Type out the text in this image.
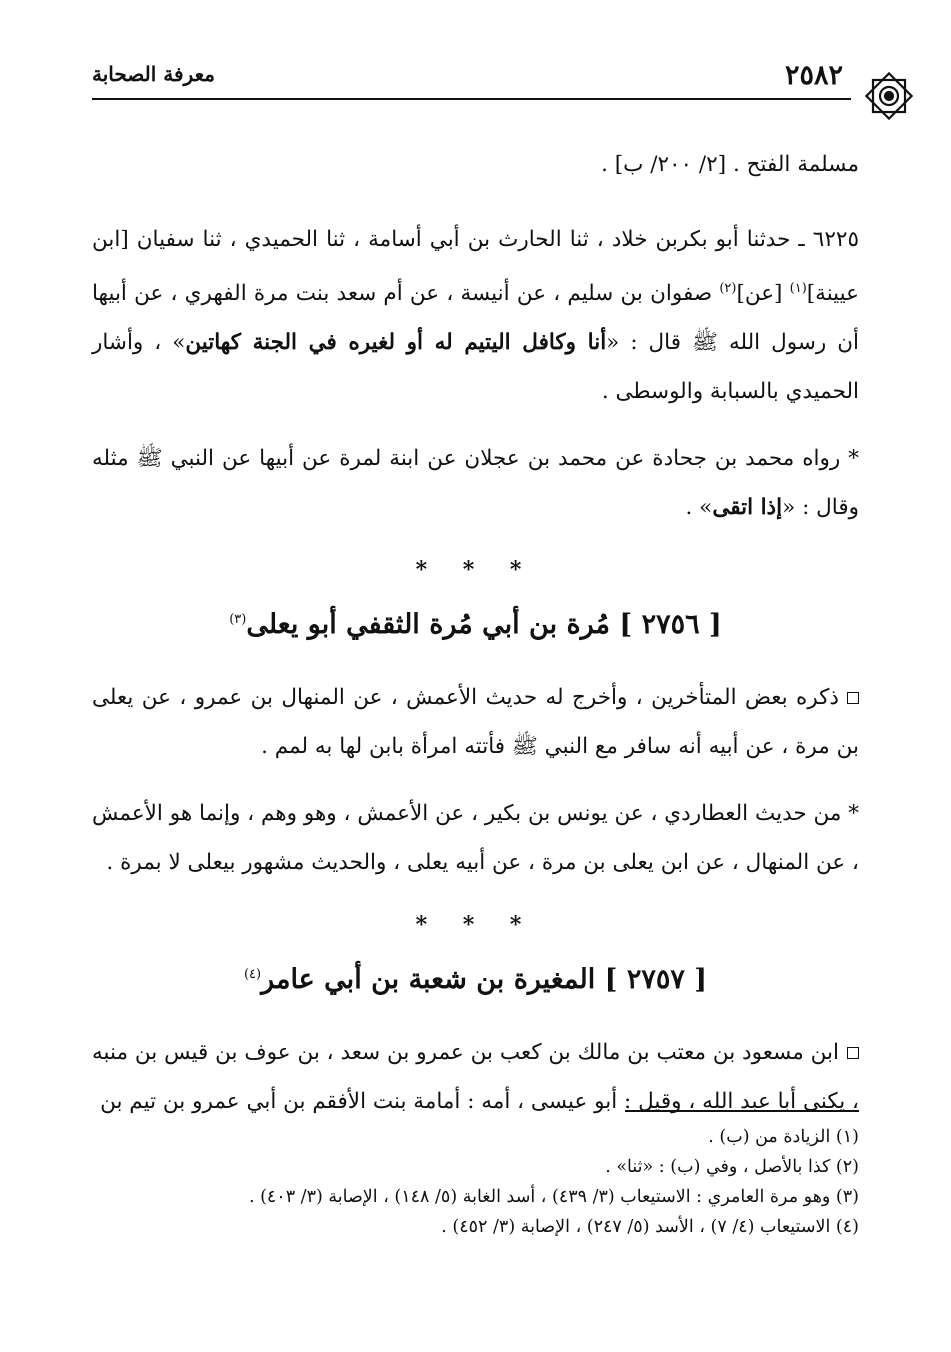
٢٥٨٢
معرفة الصحابة

مسلمة الفتح . [٢/ ٢٠٠/ ب] .

٦٢٢٥ ـ حدثنا أبو بكربن خلاد ، ثنا الحارث بن أبي أسامة ، ثنا الحميدي ، ثنا سفيان [ابن عيينة]$^{(١)}$ [عن]$^{(٢)}$ صفوان بن سليم ، عن أنيسة ، عن أم سعد بنت مرة الفهري ، عن أبيها أن رسول الله ﷺ قال : «أنا وكافل اليتيم له أو لغيره في الجنة كهاتين» ، وأشار الحميدي بالسبابة والوسطى .

* رواه محمد بن جحادة عن محمد بن عجلان عن ابنة لمرة عن أبيها عن النبي ﷺ مثله وقال : «إذا اتقى» .

* * *

[ ٢٧٥٦ ] مُرة بن أبي مُرة الثقفي أبو يعلى$^{(٣)}$

ذكره بعض المتأخرين ، وأخرج له حديث الأعمش ، عن المنهال بن عمرو ، عن يعلى بن مرة ، عن أبيه أنه سافر مع النبي ﷺ فأتته امرأة بابن لها به لمم .

* من حديث العطاردي ، عن يونس بن بكير ، عن الأعمش ، وهو وهم ، وإنما هو الأعمش ، عن المنهال ، عن ابن يعلى بن مرة ، عن أبيه يعلى ، والحديث مشهور بيعلى لا بمرة .

* * *

[ ٢٧٥٧ ] المغيرة بن شعبة بن أبي عامر$^{(٤)}$

ابن مسعود بن معتب بن مالك بن كعب بن عمرو بن سعد ، بن عوف بن قيس بن منبه ، يكنى أبا عبد الله ، وقيل : أبو عيسى ، أمه : أمامة بنت الأفقم بن أبي عمرو بن تيم بن

(١) الزيادة من (ب) .

(٢) كذا بالأصل ، وفي (ب) : «ثنا» .

(٣) وهو مرة العامري : الاستيعاب (٣/ ٤٣٩) ، أسد الغابة (٥/ ١٤٨) ، الإصابة (٣/ ٤٠٣) .

(٤) الاستيعاب (٤/ ٧) ، الأسد (٥/ ٢٤٧) ، الإصابة (٣/ ٤٥٢) .
